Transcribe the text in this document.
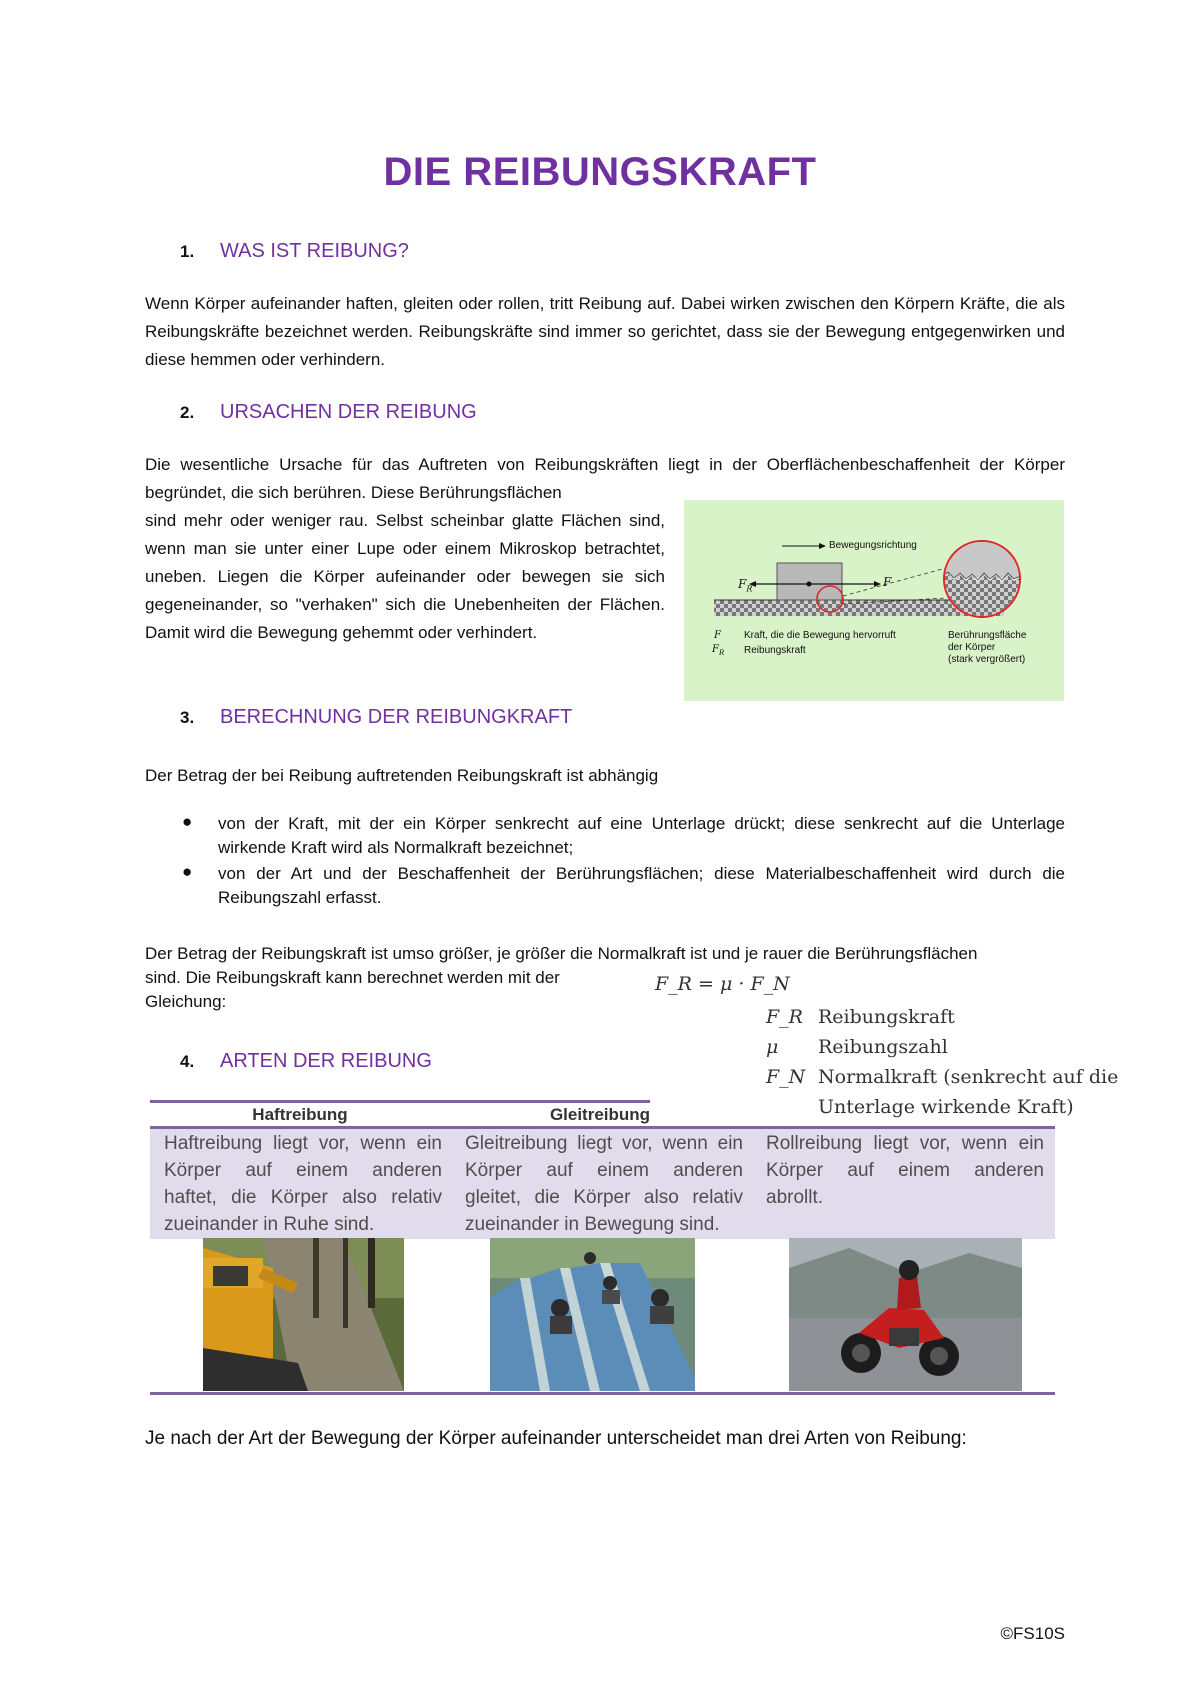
DIE REIBUNGSKRAFT
1. WAS IST REIBUNG?
Wenn Körper aufeinander haften, gleiten oder rollen, tritt Reibung auf. Dabei wirken zwischen den Körpern Kräfte, die als Reibungskräfte bezeichnet werden. Reibungskräfte sind immer so gerichtet, dass sie der Bewegung entgegenwirken und diese hemmen oder verhindern.
2. URSACHEN DER REIBUNG
Die wesentliche Ursache für das Auftreten von Reibungskräften liegt in der Oberflächenbeschaffenheit der Körper begründet, die sich berühren. Diese Berührungsflächen
sind mehr oder weniger rau. Selbst scheinbar glatte Flächen sind, wenn man sie unter einer Lupe oder einem Mikroskop betrachtet, uneben. Liegen die Körper aufeinander oder bewegen sie sich gegeneinander, so "verhaken" sich die Unebenheiten der Flächen. Damit wird die Bewegung gehemmt oder verhindert.
Bewegungsrichtung
$F_R$	F
F Kraft, die die Bewegung hervorruft
$F_R$ Reibungskraft
Berührungsfläche
der Körper
(stark vergrößert)
3. BERECHNUNG DER REIBUNGKRAFT
Der Betrag der bei Reibung auftretenden Reibungskraft ist abhängig
● von der Kraft, mit der ein Körper senkrecht auf eine Unterlage drückt; diese senkrecht auf die Unterlage wirkende Kraft wird als Normalkraft bezeichnet;
● von der Art und der Beschaffenheit der Berührungsflächen; diese Materialbeschaffenheit wird durch die Reibungszahl erfasst.
Der Betrag der Reibungskraft ist umso größer, je größer die Normalkraft ist und je rauer die Berührungsflächen
sind. Die Reibungskraft kann berechnet werden mit der
Gleichung:
F_R = μ · F_N
F_R Reibungskraft
μ Reibungszahl
F_N Normalkraft (senkrecht auf die
Unterlage wirkende Kraft)
4. ARTEN DER REIBUNG
Haftreibung	Gleitreibung
Haftreibung liegt vor, wenn ein Körper auf einem anderen haftet, die Körper also relativ zueinander in Ruhe sind.
Gleitreibung liegt vor, wenn ein Körper auf einem anderen gleitet, die Körper also relativ zueinander in Bewegung sind.
Rollreibung liegt vor, wenn ein Körper auf einem anderen abrollt.
Je nach der Art der Bewegung der Körper aufeinander unterscheidet man drei Arten von Reibung:
©FS10S
